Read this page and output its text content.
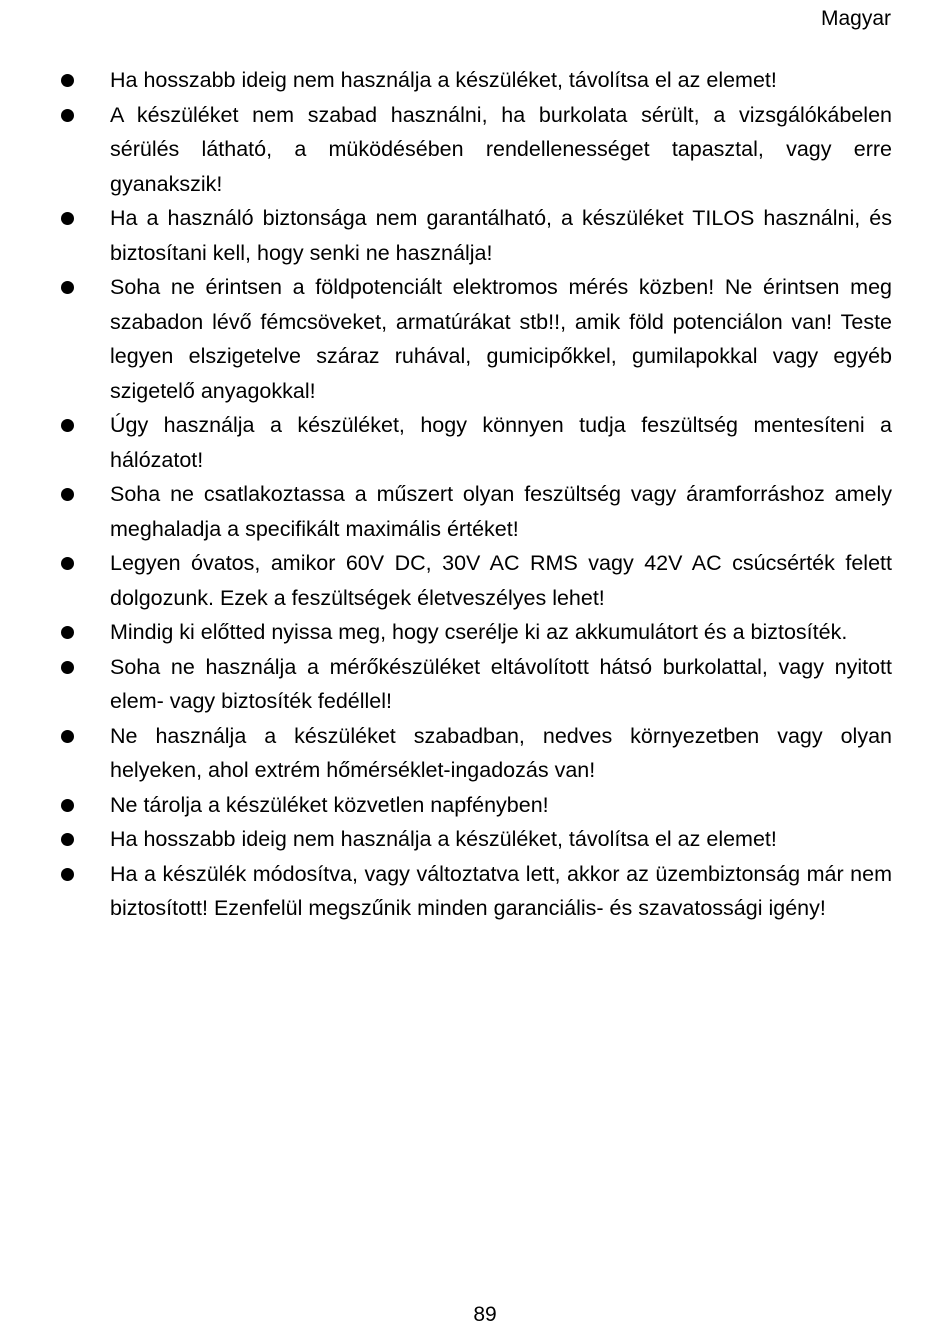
Magyar
Ha hosszabb ideig nem használja a készüléket, távolítsa el az elemet!
A készüléket nem szabad használni, ha burkolata sérült, a vizsgálókábelen sérülés látható, a müködésében rendellenességet tapasztal, vagy erre gyanakszik!
Ha a használó biztonsága nem garantálható, a készüléket TILOS használni, és biztosítani kell, hogy senki ne használja!
Soha ne érintsen a földpotenciált elektromos mérés közben! Ne érintsen meg szabadon lévő fémcsöveket, armatúrákat stb!!, amik föld potenciálon van! Teste legyen elszigetelve száraz ruhával, gumicipőkkel, gumilapokkal vagy egyéb szigetelő anyagokkal!
Úgy használja a készüléket, hogy könnyen tudja feszültség mentesíteni a hálózatot!
Soha ne csatlakoztassa a műszert olyan feszültség vagy áramforráshoz amely meghaladja a specifikált maximális értéket!
Legyen óvatos, amikor 60V DC, 30V AC RMS vagy 42V AC csúcsérték felett dolgozunk. Ezek a feszültségek életveszélyes lehet!
Mindig ki előtted nyissa meg, hogy cserélje ki az akkumulátort és a biztosíték.
Soha ne használja a mérőkészüléket eltávolított hátsó burkolattal, vagy nyitott elem- vagy biztosíték fedéllel!
Ne használja a készüléket szabadban, nedves környezetben vagy olyan helyeken, ahol extrém hőmérséklet-ingadozás van!
Ne tárolja a készüléket közvetlen napfényben!
Ha hosszabb ideig nem használja a készüléket, távolítsa el az elemet!
Ha a készülék módosítva, vagy változtatva lett, akkor az üzembiztonság már nem biztosított! Ezenfelül megszűnik minden garanciális- és szavatossági igény!
89
